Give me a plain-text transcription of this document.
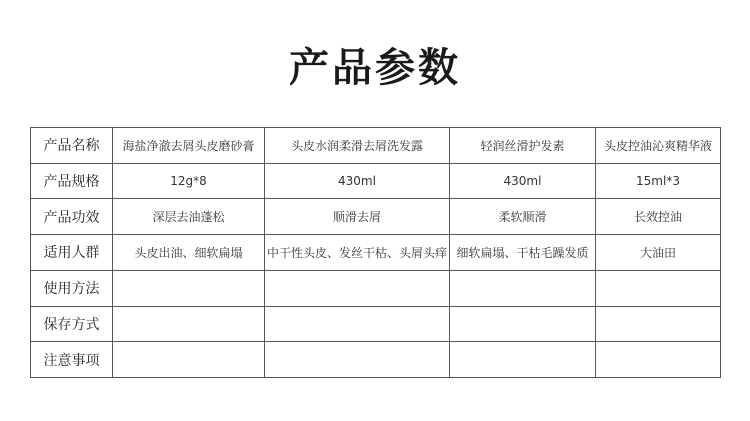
产品参数
产品名称	海盐净澈去屑头皮磨砂膏	头皮水润柔滑去屑洗发露	轻润丝滑护发素	头皮控油沁爽精华液
产品规格	12g*8	430ml	430ml	15ml*3
产品功效	深层去油蓬松	顺滑去屑	柔软顺滑	长效控油
适用人群	头皮出油、细软扁塌	中干性头皮、发丝干枯、头屑头痒	细软扁塌、干枯毛躁发质	大油田
使用方法				
保存方式				
注意事项				
